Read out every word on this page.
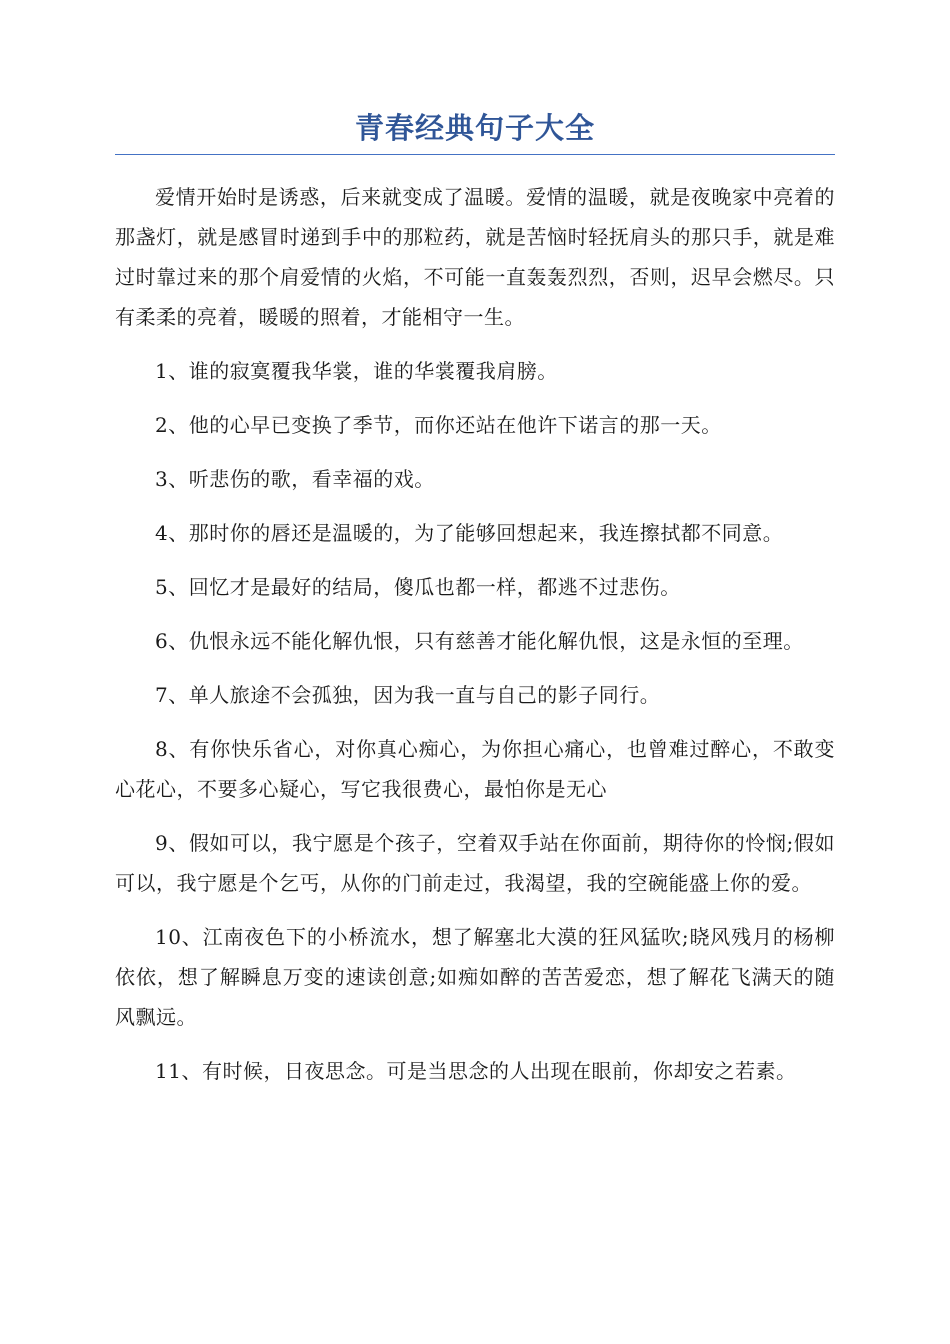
青春经典句子大全

爱情开始时是诱惑，后来就变成了温暖。爱情的温暖，就是夜晚家中亮着的那盏灯，就是感冒时递到手中的那粒药，就是苦恼时轻抚肩头的那只手，就是难过时靠过来的那个肩爱情的火焰，不可能一直轰轰烈烈，否则，迟早会燃尽。只有柔柔的亮着，暖暖的照着，才能相守一生。

1、谁的寂寞覆我华裳，谁的华裳覆我肩膀。

2、他的心早已变换了季节，而你还站在他许下诺言的那一天。

3、听悲伤的歌，看幸福的戏。

4、那时你的唇还是温暖的，为了能够回想起来，我连擦拭都不同意。

5、回忆才是最好的结局，傻瓜也都一样，都逃不过悲伤。

6、仇恨永远不能化解仇恨，只有慈善才能化解仇恨，这是永恒的至理。

7、单人旅途不会孤独，因为我一直与自己的影子同行。

8、有你快乐省心，对你真心痴心，为你担心痛心，也曾难过醉心，不敢变心花心，不要多心疑心，写它我很费心，最怕你是无心

9、假如可以，我宁愿是个孩子，空着双手站在你面前，期待你的怜悯;假如可以，我宁愿是个乞丐，从你的门前走过，我渴望，我的空碗能盛上你的爱。

10、江南夜色下的小桥流水，想了解塞北大漠的狂风猛吹;晓风残月的杨柳依依，想了解瞬息万变的速读创意;如痴如醉的苦苦爱恋，想了解花飞满天的随风飘远。

11、有时候，日夜思念。可是当思念的人出现在眼前，你却安之若素。
